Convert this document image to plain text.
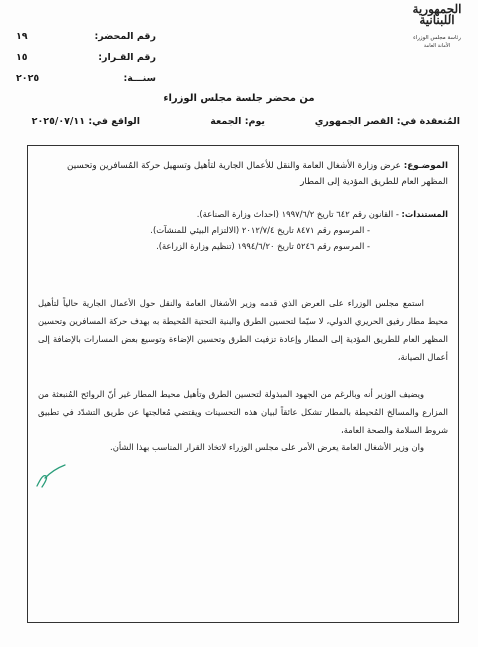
الجمهورية
اللبنانية
رئاسة مجلس الوزراء
الأمانة العامة
رقم المحضر:
١٩
رقم القـرار:
١٥
سنـــة:
٢٠٢٥
من محضر جلسة مجلس الوزراء
المُنعقدة في: القصر الجمهوري
يوم: الجمعة
الواقع في: ٢٠٢٥/٠٧/١١
الموضـوع: عرض وزارة الأشغال العامة والنقل للأعمال الجارية لتأهيل وتسهيل حركة المُسافرين وتحسين المظهر العام للطريق المؤدية إلى المطار
المستندات: - القانون رقم ٦٤٢ تاريخ ١٩٩٧/٦/٢ (احداث وزارة الصناعة).
- المرسوم رقم ٨٤٧١ تاريخ ٢٠١٢/٧/٤ (الالتزام البيئي للمنشآت).
- المرسوم رقم ٥٢٤٦ تاريخ ١٩٩٤/٦/٢٠ (تنظيم وزارة الزراعة).
استمع مجلس الوزراء على العرض الذي قدمه وزير الأشغال العامة والنقل حول الأعمال الجارية حالياً لتأهيل محيط مطار رفيق الحريري الدولي، لا سيّما لتحسين الطرق والبنية التحتية المُحيطة به بهدف حركة المسافرين وتحسين المظهر العام للطريق المؤدية إلى المطار وإعادة تزفيت الطرق وتحسين الإضاءة وتوسيع بعض المسارات بالإضافة إلى أعمال الصيانة،
ويضيف الوزير أنه وبالرغم من الجهود المبذولة لتحسين الطرق وتأهيل محيط المطار غير أنّ الروائح المُنبعثة من المزارع والمسالخ المُحيطة بالمطار تشكل عائقاً لبيان هذه التحسينات ويقتضي مُعالجتها عن طريق التشدّد في تطبيق شروط السلامة والصحة العامة،
وان وزير الأشغال العامة يعرض الأمر على مجلس الوزراء لاتخاذ القرار المناسب بهذا الشأن.
